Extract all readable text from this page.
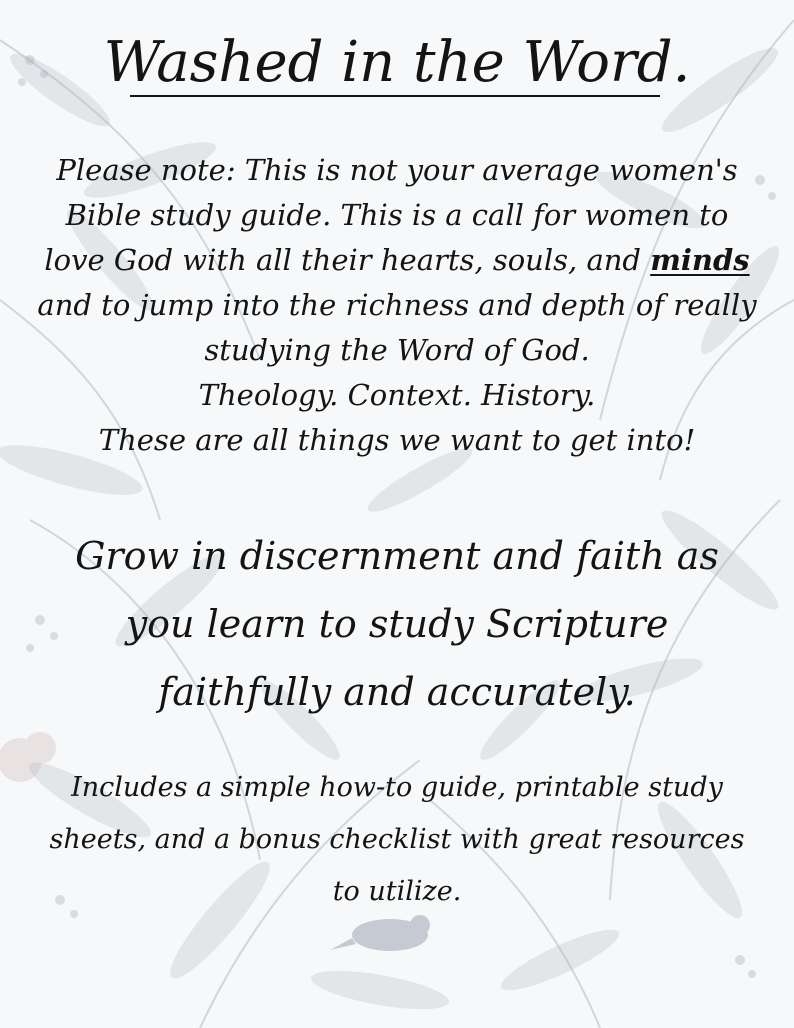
Washed in the Word.
Please note: This is not your average women's
Bible study guide. This is a call for women to
love God with all their hearts, souls, and minds
and to jump into the richness and depth of really
studying the Word of God.
Theology. Context. History.
These are all things we want to get into!
Grow in discernment and faith as
you learn to study Scripture
faithfully and accurately.
Includes a simple how-to guide, printable study
sheets, and a bonus checklist with great resources
to utilize.
